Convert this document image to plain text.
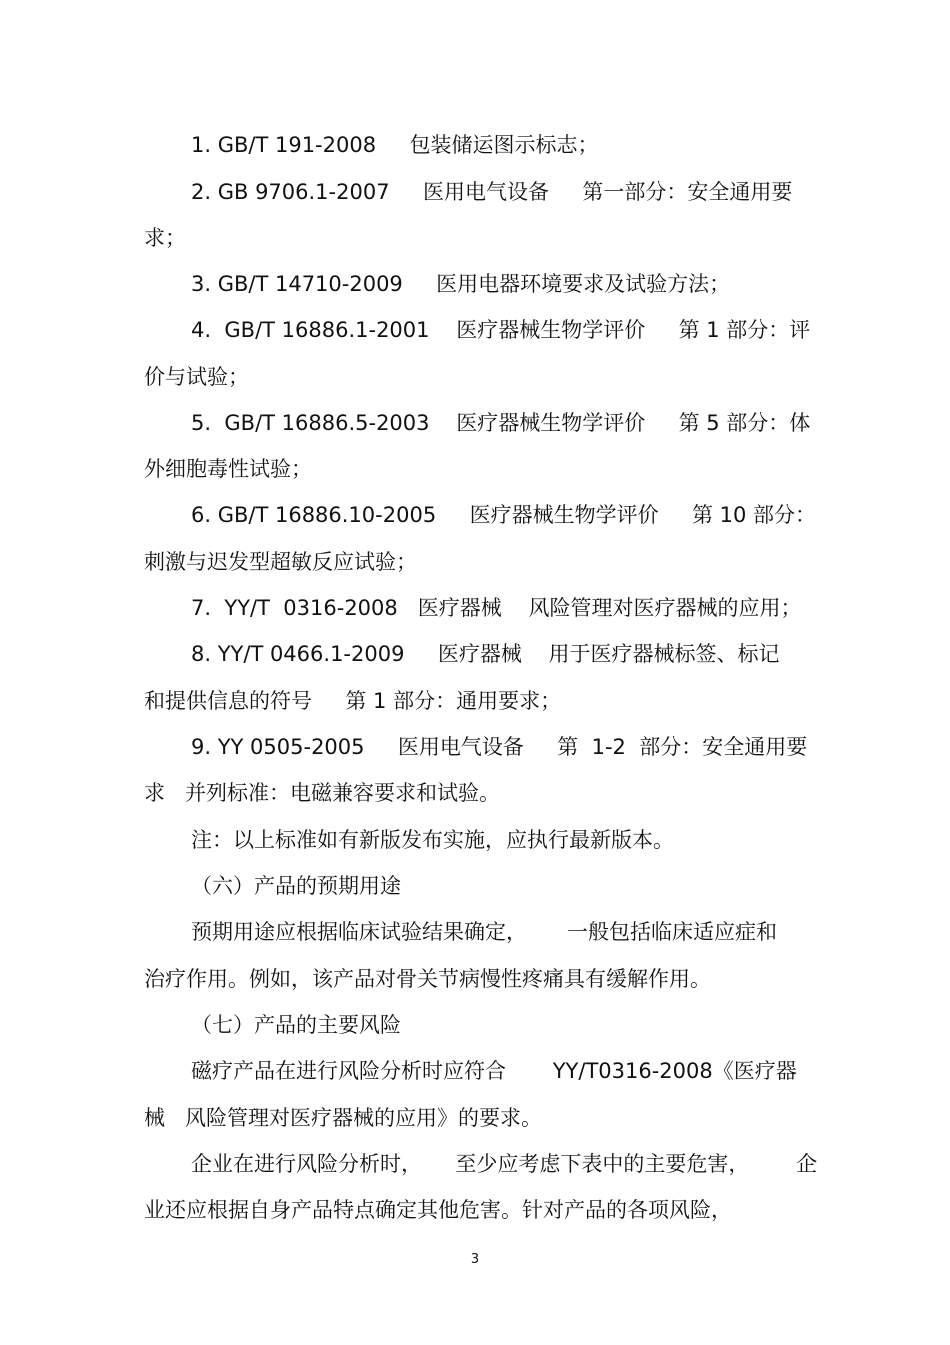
1. GB/T 191-2008     包装储运图示标志；
2. GB 9706.1-2007     医用电气设备     第一部分：安全通用要
求；
3. GB/T 14710-2009     医用电器环境要求及试验方法；
4.  GB/T 16886.1-2001    医疗器械生物学评价     第 1 部分：评
价与试验；
5.  GB/T 16886.5-2003    医疗器械生物学评价     第 5 部分：体
外细胞毒性试验；
6. GB/T 16886.10-2005     医疗器械生物学评价     第 10 部分：
刺激与迟发型超敏反应试验；
7.  YY/T  0316-2008   医疗器械    风险管理对医疗器械的应用；
8. YY/T 0466.1-2009     医疗器械    用于医疗器械标签、标记
和提供信息的符号     第 1 部分：通用要求；
9. YY 0505-2005     医用电气设备     第  1-2  部分：安全通用要
求   并列标准：电磁兼容要求和试验。
注：以上标准如有新版发布实施，应执行最新版本。
（六）产品的预期用途
预期用途应根据临床试验结果确定，      一般包括临床适应症和
治疗作用。例如，该产品对骨关节病慢性疼痛具有缓解作用。
（七）产品的主要风险
磁疗产品在进行风险分析时应符合       YY/T0316-2008《医疗器
械   风险管理对医疗器械的应用》的要求。
企业在进行风险分析时，     至少应考虑下表中的主要危害，       企
业还应根据自身产品特点确定其他危害。针对产品的各项风险，
3
